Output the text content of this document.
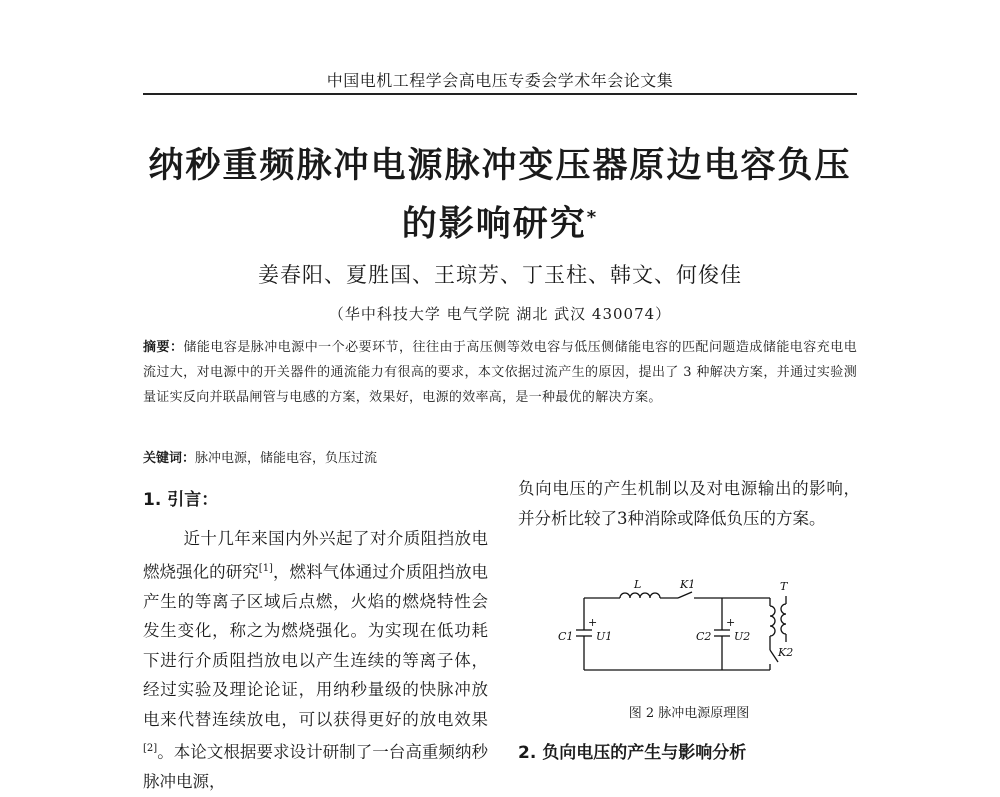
中国电机工程学会高电压专委会学术年会论文集
纳秒重频脉冲电源脉冲变压器原边电容负压
的影响研究*
姜春阳、夏胜国、王琼芳、丁玉柱、韩文、何俊佳
（华中科技大学 电气学院 湖北 武汉 430074）
摘要：储能电容是脉冲电源中一个必要环节，往往由于高压侧等效电容与低压侧储能电容的匹配问题造成储能电容充电电流过大，对电源中的开关器件的通流能力有很高的要求，本文依据过流产生的原因，提出了 3 种解决方案，并通过实验测量证实反向并联晶闸管与电感的方案，效果好，电源的效率高，是一种最优的解决方案。
关键词：脉冲电源，储能电容，负压过流
1. 引言：
近十几年来国内外兴起了对介质阻挡放电燃烧强化的研究[1]，燃料气体通过介质阻挡放电产生的等离子区域后点燃，火焰的燃烧特性会发生变化，称之为燃烧强化。为实现在低功耗下进行介质阻挡放电以产生连续的等离子体，经过实验及理论论证，用纳秒量级的快脉冲放电来代替连续放电，可以获得更好的放电效果[2]。本论文根据要求设计研制了一台高重频纳秒脉冲电源，
负向电压的产生机制以及对电源输出的影响，并分析比较了3种消除或降低负压的方案。
L	K1	T
C1
+
U1	C2
+
U2
K2
图 2 脉冲电源原理图
2. 负向电压的产生与影响分析
